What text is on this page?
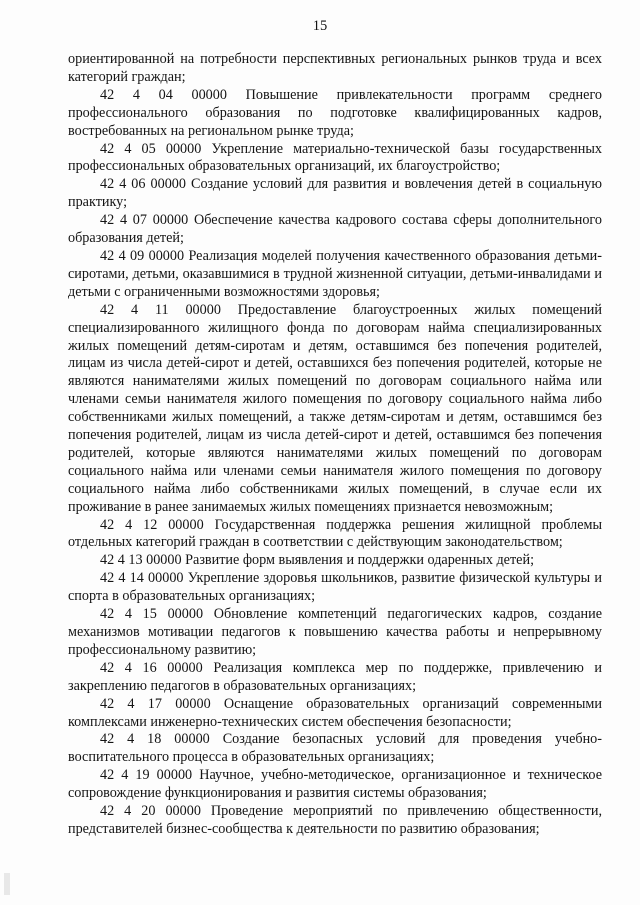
15

ориентированной на потребности перспективных региональных рынков труда и всех категорий граждан;

42 4 04 00000 Повышение привлекательности программ среднего профессионального образования по подготовке квалифицированных кадров, востребованных на региональном рынке труда;

42 4 05 00000 Укрепление материально-технической базы государственных профессиональных образовательных организаций, их благоустройство;

42 4 06 00000 Создание условий для развития и вовлечения детей в социальную практику;

42 4 07 00000 Обеспечение качества кадрового состава сферы дополнительного образования детей;

42 4 09 00000 Реализация моделей получения качественного образования детьми-сиротами, детьми, оказавшимися в трудной жизненной ситуации, детьми-инвалидами и детьми с ограниченными возможностями здоровья;

42 4 11 00000 Предоставление благоустроенных жилых помещений специализированного жилищного фонда по договорам найма специализированных жилых помещений детям-сиротам и детям, оставшимся без попечения родителей, лицам из числа детей-сирот и детей, оставшихся без попечения родителей, которые не являются нанимателями жилых помещений по договорам социального найма или членами семьи нанимателя жилого помещения по договору социального найма либо собственниками жилых помещений, а также детям-сиротам и детям, оставшимся без попечения родителей, лицам из числа детей-сирот и детей, оставшимся без попечения родителей, которые являются нанимателями жилых помещений по договорам социального найма или членами семьи нанимателя жилого помещения по договору социального найма либо собственниками жилых помещений, в случае если их проживание в ранее занимаемых жилых помещениях признается невозможным;

42 4 12 00000 Государственная поддержка решения жилищной проблемы отдельных категорий граждан в соответствии с действующим законодательством;

42 4 13 00000 Развитие форм выявления и поддержки одаренных детей;

42 4 14 00000 Укрепление здоровья школьников, развитие физической культуры и спорта в образовательных организациях;

42 4 15 00000 Обновление компетенций педагогических кадров, создание механизмов мотивации педагогов к повышению качества работы и непрерывному профессиональному развитию;

42 4 16 00000 Реализация комплекса мер по поддержке, привлечению и закреплению педагогов в образовательных организациях;

42 4 17 00000 Оснащение образовательных организаций современными комплексами инженерно-технических систем обеспечения безопасности;

42 4 18 00000 Создание безопасных условий для проведения учебно-воспитательного процесса в образовательных организациях;

42 4 19 00000 Научное, учебно-методическое, организационное и техническое сопровождение функционирования и развития системы образования;

42 4 20 00000 Проведение мероприятий по привлечению общественности, представителей бизнес-сообщества к деятельности по развитию образования;
